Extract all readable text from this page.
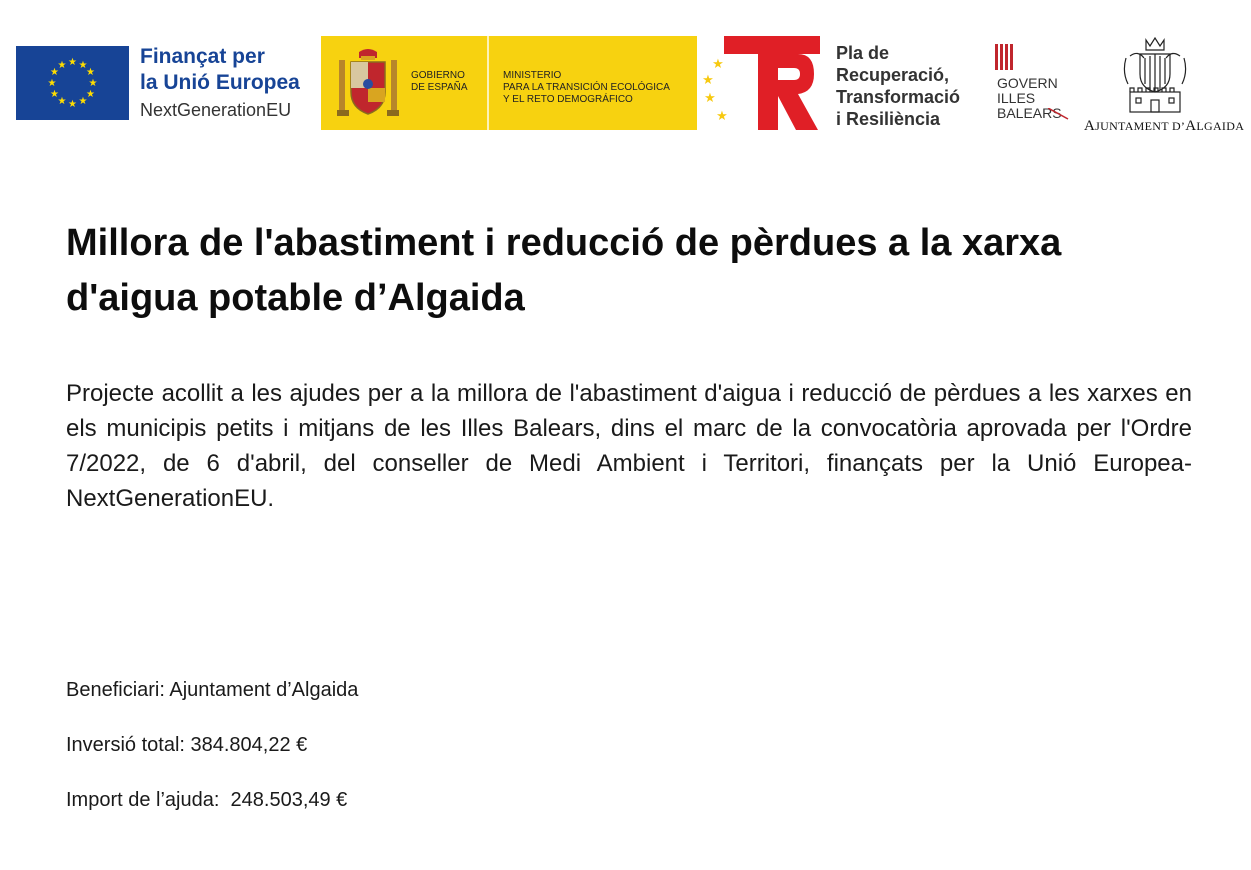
★ ★
★
★
★
★
★
★
★
★
★
★	Finançat per
la Unió Europea
NextGenerationEU
GOBIERNO
DE ESPAÑA
MINISTERIO
PARA LA TRANSICIÓN ECOLÓGICA
Y EL RETO DEMOGRÁFICO
★
★
★
★
Pla de
Recuperació,
Transformació
i Resiliència
GOVERN
ILLES
BALEARS
AJUNTAMENT D’ALGAIDA
Millora de l'abastiment i reducció de pèrdues a la xarxa d'aigua potable d’Algaida

Projecte acollit a les ajudes per a la millora de l'abastiment d'aigua i reducció de pèrdues a les xarxes en els municipis petits i mitjans de les Illes Balears, dins el marc de la convocatòria aprovada per l'Ordre 7/2022, de 6 d'abril, del conseller de Medi Ambient i Territori, finançats per la Unió Europea-NextGenerationEU.

Beneficiari: Ajuntament d’Algaida
Inversió total: 384.804,22 €
Import de l’ajuda:  248.503,49 €
